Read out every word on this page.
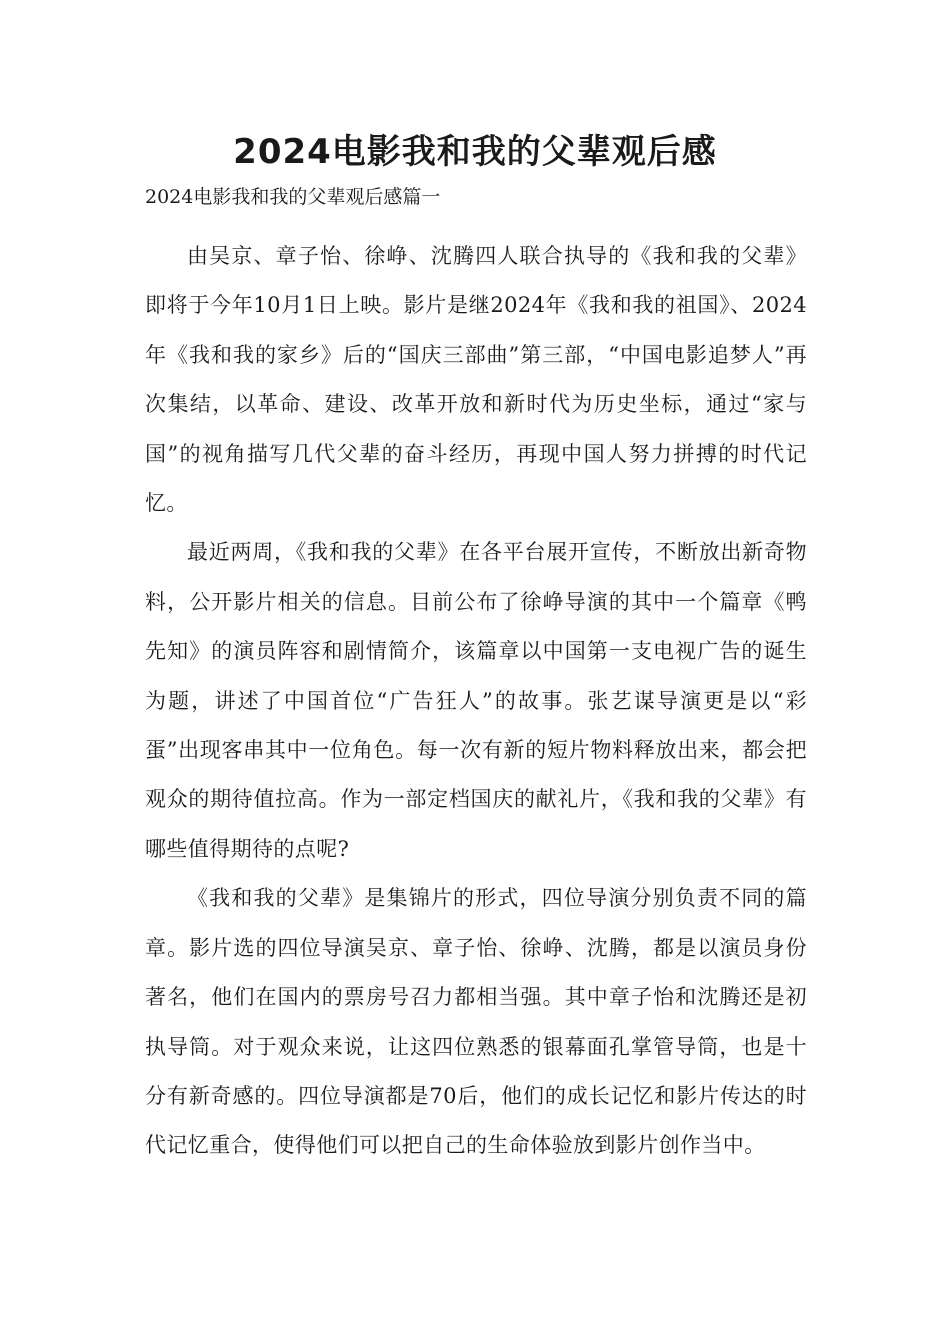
2024电影我和我的父辈观后感
2024电影我和我的父辈观后感篇一

由吴京、章子怡、徐峥、沈腾四人联合执导的《我和我的父辈》即将于今年10月1日上映。影片是继2024年《我和我的祖国》、2024年《我和我的家乡》后的“国庆三部曲”第三部，“中国电影追梦人”再次集结，以革命、建设、改革开放和新时代为历史坐标，通过“家与国”的视角描写几代父辈的奋斗经历，再现中国人努力拼搏的时代记忆。

最近两周，《我和我的父辈》在各平台展开宣传，不断放出新奇物料，公开影片相关的信息。目前公布了徐峥导演的其中一个篇章《鸭先知》的演员阵容和剧情简介，该篇章以中国第一支电视广告的诞生为题，讲述了中国首位“广告狂人”的故事。张艺谋导演更是以“彩蛋”出现客串其中一位角色。每一次有新的短片物料释放出来，都会把观众的期待值拉高。作为一部定档国庆的献礼片，《我和我的父辈》有哪些值得期待的点呢?

《我和我的父辈》是集锦片的形式，四位导演分别负责不同的篇章。影片选的四位导演吴京、章子怡、徐峥、沈腾，都是以演员身份著名，他们在国内的票房号召力都相当强。其中章子怡和沈腾还是初执导筒。对于观众来说，让这四位熟悉的银幕面孔掌管导筒，也是十分有新奇感的。四位导演都是70后，他们的成长记忆和影片传达的时代记忆重合，使得他们可以把自己的生命体验放到影片创作当中。
